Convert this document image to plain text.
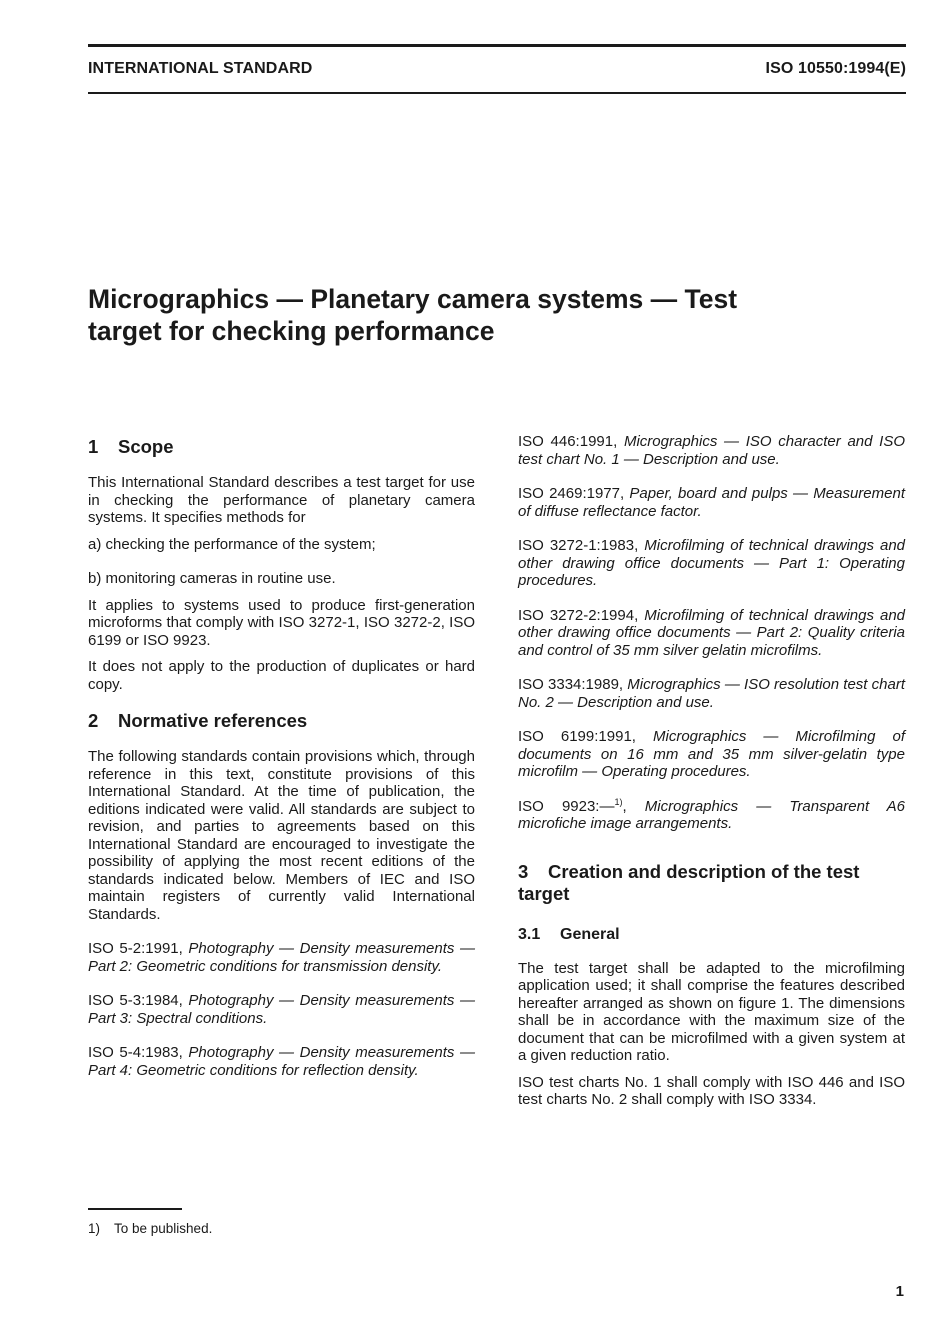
INTERNATIONAL STANDARD	ISO 10550:1994(E)
Micrographics — Planetary camera systems — Test
target for checking performance
1 Scope

This International Standard describes a test target for use in checking the performance of planetary camera systems. It specifies methods for

a) checking the performance of the system;

b) monitoring cameras in routine use.

It applies to systems used to produce first-generation microforms that comply with ISO 3272-1, ISO 3272-2, ISO 6199 or ISO 9923.

It does not apply to the production of duplicates or hard copy.

2 Normative references

The following standards contain provisions which, through reference in this text, constitute provisions of this International Standard. At the time of publication, the editions indicated were valid. All standards are subject to revision, and parties to agreements based on this International Standard are encouraged to investigate the possibility of applying the most recent editions of the standards indicated below. Members of IEC and ISO maintain registers of currently valid International Standards.

ISO 5-2:1991, Photography — Density measurements — Part 2: Geometric conditions for transmission density.

ISO 5-3:1984, Photography — Density measurements — Part 3: Spectral conditions.

ISO 5-4:1983, Photography — Density measurements — Part 4: Geometric conditions for reflection density.

ISO 446:1991, Micrographics — ISO character and ISO test chart No. 1 — Description and use.

ISO 2469:1977, Paper, board and pulps — Measurement of diffuse reflectance factor.

ISO 3272-1:1983, Microfilming of technical drawings and other drawing office documents — Part 1: Operating procedures.

ISO 3272-2:1994, Microfilming of technical drawings and other drawing office documents — Part 2: Quality criteria and control of 35 mm silver gelatin microfilms.

ISO 3334:1989, Micrographics — ISO resolution test chart No. 2 — Description and use.

ISO 6199:1991, Micrographics — Microfilming of documents on 16 mm and 35 mm silver-gelatin type microfilm — Operating procedures.

ISO 9923:—$^{1)}$, Micrographics — Transparent A6 microfiche image arrangements.

3 Creation and description of the test target
3.1 General

The test target shall be adapted to the microfilming application used; it shall comprise the features described hereafter arranged as shown on figure 1. The dimensions shall be in accordance with the maximum size of the document that can be microfilmed with a given system at a given reduction ratio.

ISO test charts No. 1 shall comply with ISO 446 and ISO test charts No. 2 shall comply with ISO 3334.

1) To be published.
1
